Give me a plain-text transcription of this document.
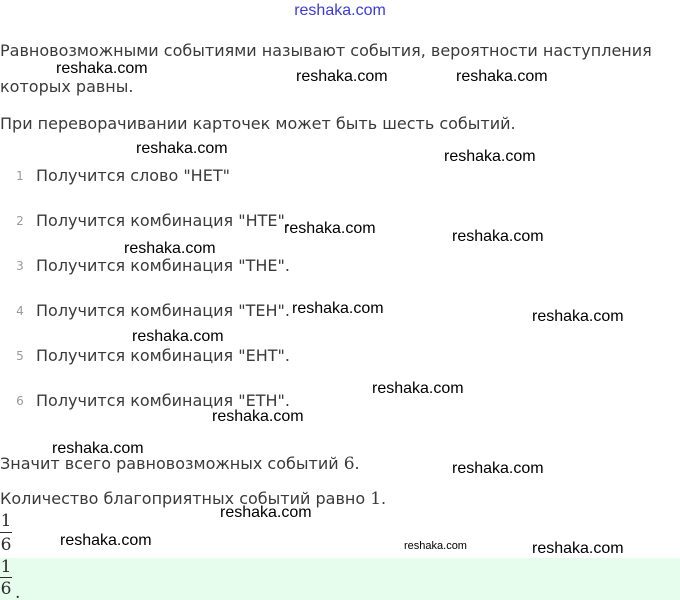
reshaka.com
Равновозможными событиями называют события, вероятности наступления
которых равны.
При переворачивании карточек может быть шесть событий.
1 Получится слово "НЕТ"
2 Получится комбинация "НТЕ".
3 Получится комбинация "ТНЕ".
4 Получится комбинация "ТЕН".
5 Получится комбинация "ЕНТ".
6 Получится комбинация "ЕТН".
Значит всего равновозможных событий 6.
Количество благоприятных событий равно 1.
1
6
1
6 .
reshaka.com	reshaka.com	reshaka.com
reshaka.com	reshaka.com
reshaka.com	reshaka.com
reshaka.com
reshaka.com	reshaka.com
reshaka.com
reshaka.com
reshaka.com
reshaka.com
reshaka.com
reshaka.com
reshaka.com	reshaka.com	reshaka.com
